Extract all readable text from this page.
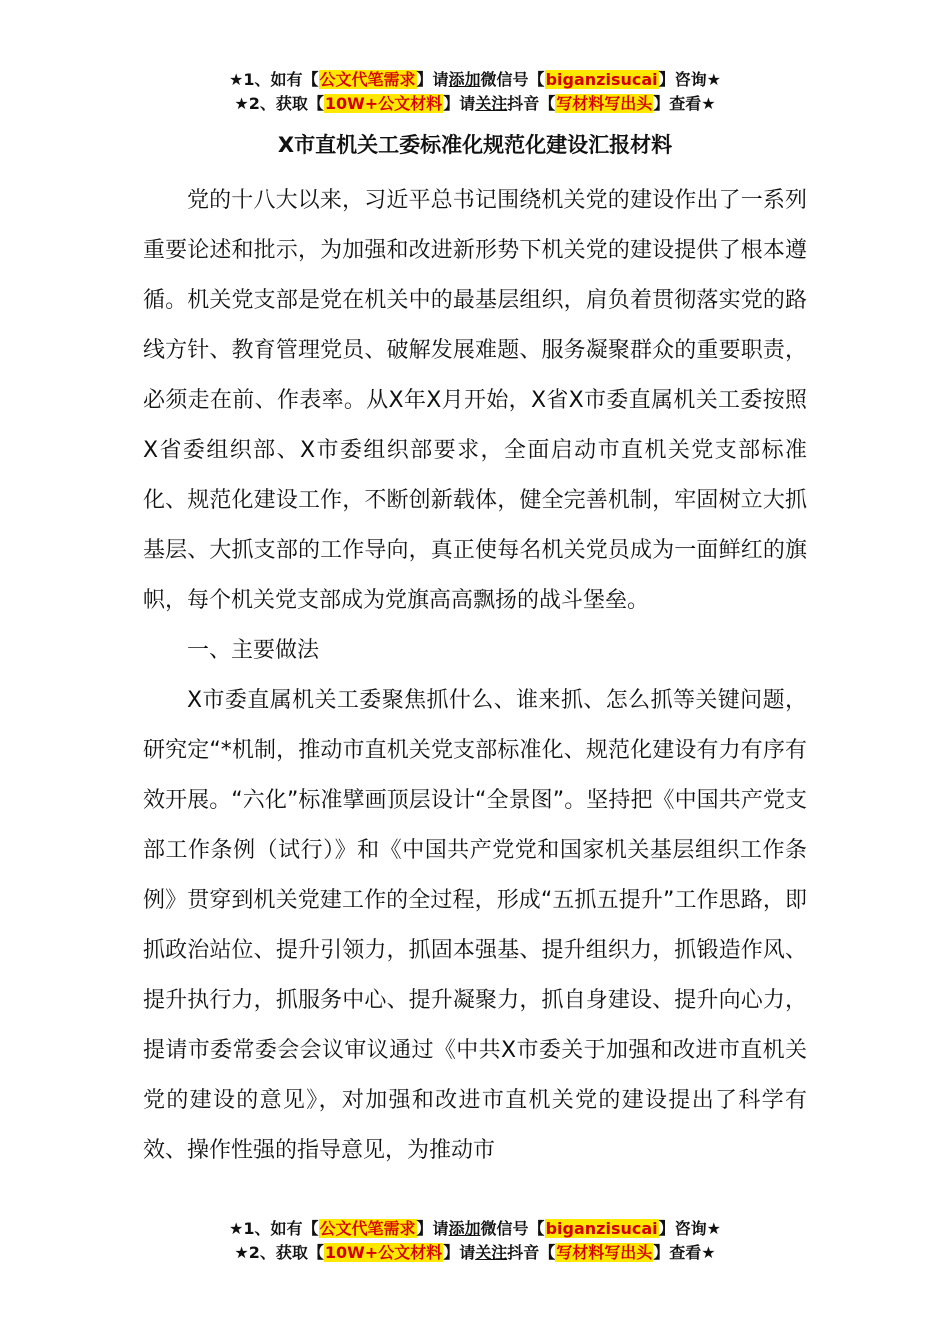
★1、如有【公文代笔需求】请添加微信号【biganzisucai】咨询★
★2、获取【10W+公文材料】请关注抖音【写材料写出头】查看★
X市直机关工委标准化规范化建设汇报材料

党的十八大以来，习近平总书记围绕机关党的建设作出了一系列重要论述和批示，为加强和改进新形势下机关党的建设提供了根本遵循。机关党支部是党在机关中的最基层组织，肩负着贯彻落实党的路线方针、教育管理党员、破解发展难题、服务凝聚群众的重要职责，必须走在前、作表率。从X年X月开始，X省X市委直属机关工委按照X省委组织部、X市委组织部要求，全面启动市直机关党支部标准化、规范化建设工作，不断创新载体，健全完善机制，牢固树立大抓基层、大抓支部的工作导向，真正使每名机关党员成为一面鲜红的旗帜，每个机关党支部成为党旗高高飘扬的战斗堡垒。

一、主要做法

X市委直属机关工委聚焦抓什么、谁来抓、怎么抓等关键问题，研究定“*机制，推动市直机关党支部标准化、规范化建设有力有序有效开展。“六化”标准擘画顶层设计“全景图”。坚持把《中国共产党支部工作条例（试行）》和《中国共产党党和国家机关基层组织工作条例》贯穿到机关党建工作的全过程，形成“五抓五提升”工作思路，即抓政治站位、提升引领力，抓固本强基、提升组织力，抓锻造作风、提升执行力，抓服务中心、提升凝聚力，抓自身建设、提升向心力，提请市委常委会会议审议通过《中共X市委关于加强和改进市直机关党的建设的意见》，对加强和改进市直机关党的建设提出了科学有效、操作性强的指导意见，为推动市

★1、如有【公文代笔需求】请添加微信号【biganzisucai】咨询★
★2、获取【10W+公文材料】请关注抖音【写材料写出头】查看★
